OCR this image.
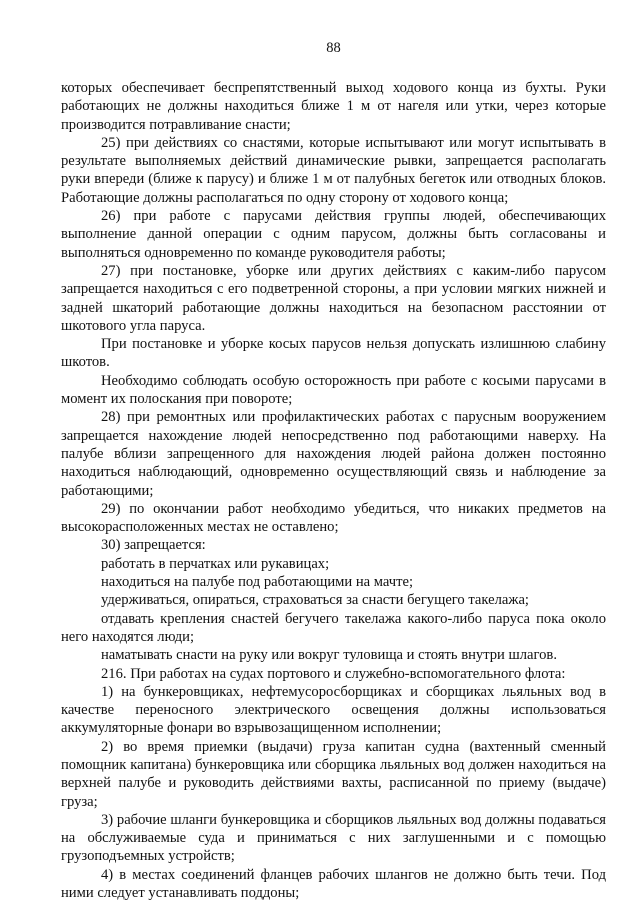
88

которых обеспечивает беспрепятственный выход ходового конца из бухты. Руки работающих не должны находиться ближе 1 м от нагеля или утки, через которые производится потравливание снасти;

25) при действиях со снастями, которые испытывают или могут испытывать в результате выполняемых действий динамические рывки, запрещается располагать руки впереди (ближе к парусу) и ближе 1 м от палубных бегеток или отводных блоков. Работающие должны располагаться по одну сторону от ходового конца;

26) при работе с парусами действия группы людей, обеспечивающих выполнение данной операции с одним парусом, должны быть согласованы и выполняться одновременно по команде руководителя работы;

27) при постановке, уборке или других действиях с каким-либо парусом запрещается находиться с его подветренной стороны, а при условии мягких нижней и задней шкаторий работающие должны находиться на безопасном расстоянии от шкотового угла паруса.

При постановке и уборке косых парусов нельзя допускать излишнюю слабину шкотов.

Необходимо соблюдать особую осторожность при работе с косыми парусами в момент их полоскания при повороте;

28) при ремонтных или профилактических работах с парусным вооружением запрещается нахождение людей непосредственно под работающими наверху. На палубе вблизи запрещенного для нахождения людей района должен постоянно находиться наблюдающий, одновременно осуществляющий связь и наблюдение за работающими;

29) по окончании работ необходимо убедиться, что никаких предметов на высокорасположенных местах не оставлено;

30) запрещается:

работать в перчатках или рукавицах;

находиться на палубе под работающими на мачте;

удерживаться, опираться, страховаться за снасти бегущего такелажа;

отдавать крепления снастей бегучего такелажа какого-либо паруса пока около него находятся люди;

наматывать снасти на руку или вокруг туловища и стоять внутри шлагов.

216. При работах на судах портового и служебно-вспомогательного флота:

1) на бункеровщиках, нефтемусоросборщиках и сборщиках льяльных вод в качестве переносного электрического освещения должны использоваться аккумуляторные фонари во взрывозащищенном исполнении;

2) во время приемки (выдачи) груза капитан судна (вахтенный сменный помощник капитана) бункеровщика или сборщика льяльных вод должен находиться на верхней палубе и руководить действиями вахты, расписанной по приему (выдаче) груза;

3) рабочие шланги бункеровщика и сборщиков льяльных вод должны подаваться на обслуживаемые суда и приниматься с них заглушенными и с помощью грузоподъемных устройств;

4) в местах соединений фланцев рабочих шлангов не должно быть течи. Под ними следует устанавливать поддоны;
